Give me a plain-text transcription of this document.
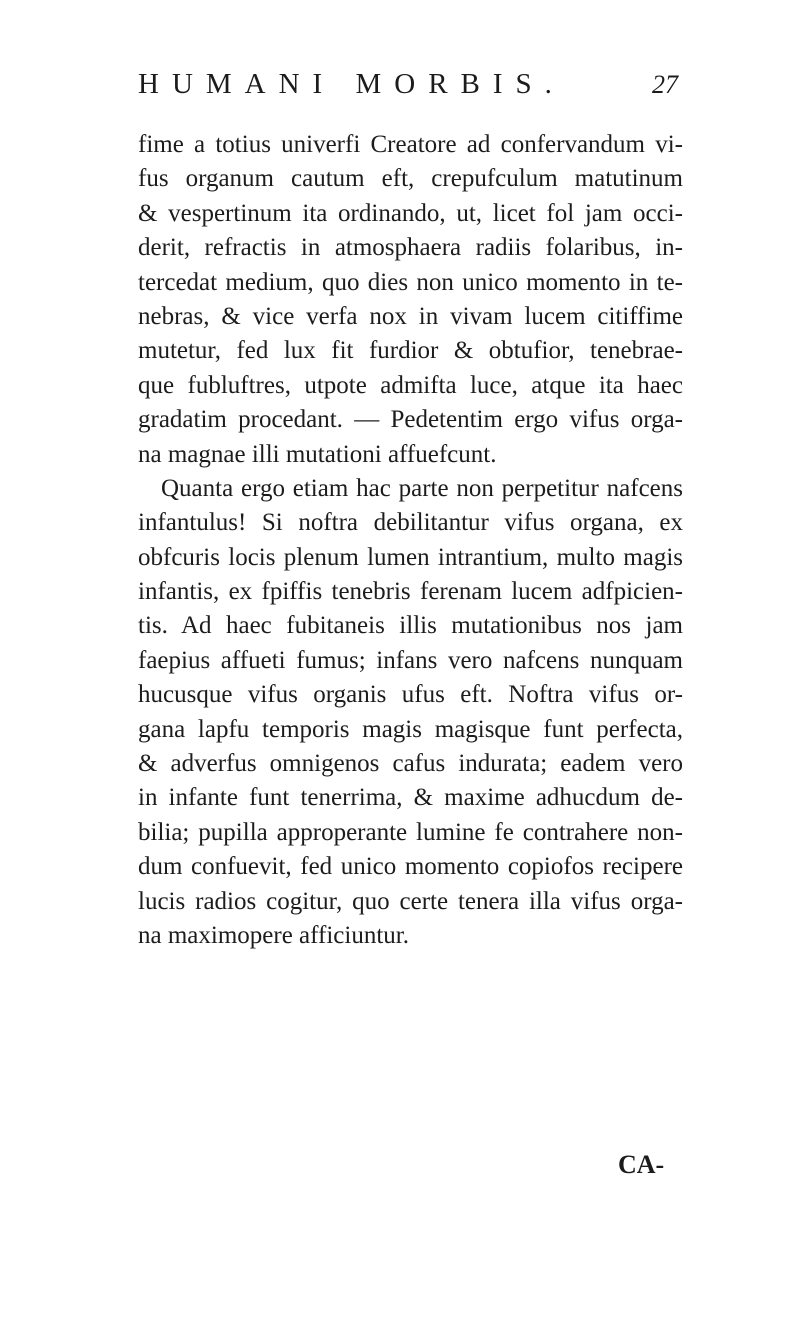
HUMANI MORBIS.	27
fime a totius univerfi Creatore ad confervandum vi-
fus organum cautum eft, crepufculum matutinum
& vespertinum ita ordinando, ut, licet fol jam occi-
derit, refractis in atmosphaera radiis folaribus, in-
tercedat medium, quo dies non unico momento in te-
nebras, & vice verfa nox in vivam lucem citiffime
mutetur, fed lux fit furdior & obtufior, tenebrae-
que fubluftres, utpote admifta luce, atque ita haec
gradatim procedant. — Pedetentim ergo vifus orga-
na magnae illi mutationi affuefcunt.
Quanta ergo etiam hac parte non perpetitur nafcens
infantulus! Si noftra debilitantur vifus organa, ex
obfcuris locis plenum lumen intrantium, multo magis
infantis, ex fpiffis tenebris ferenam lucem adfpicien-
tis. Ad haec fubitaneis illis mutationibus nos jam
faepius affueti fumus; infans vero nafcens nunquam
hucusque vifus organis ufus eft. Noftra vifus or-
gana lapfu temporis magis magisque funt perfecta,
& adverfus omnigenos cafus indurata; eadem vero
in infante funt tenerrima, & maxime adhucdum de-
bilia; pupilla approperante lumine fe contrahere non-
dum confuevit, fed unico momento copiofos recipere
lucis radios cogitur, quo certe tenera illa vifus orga-
na maximopere afficiuntur.
CA-
